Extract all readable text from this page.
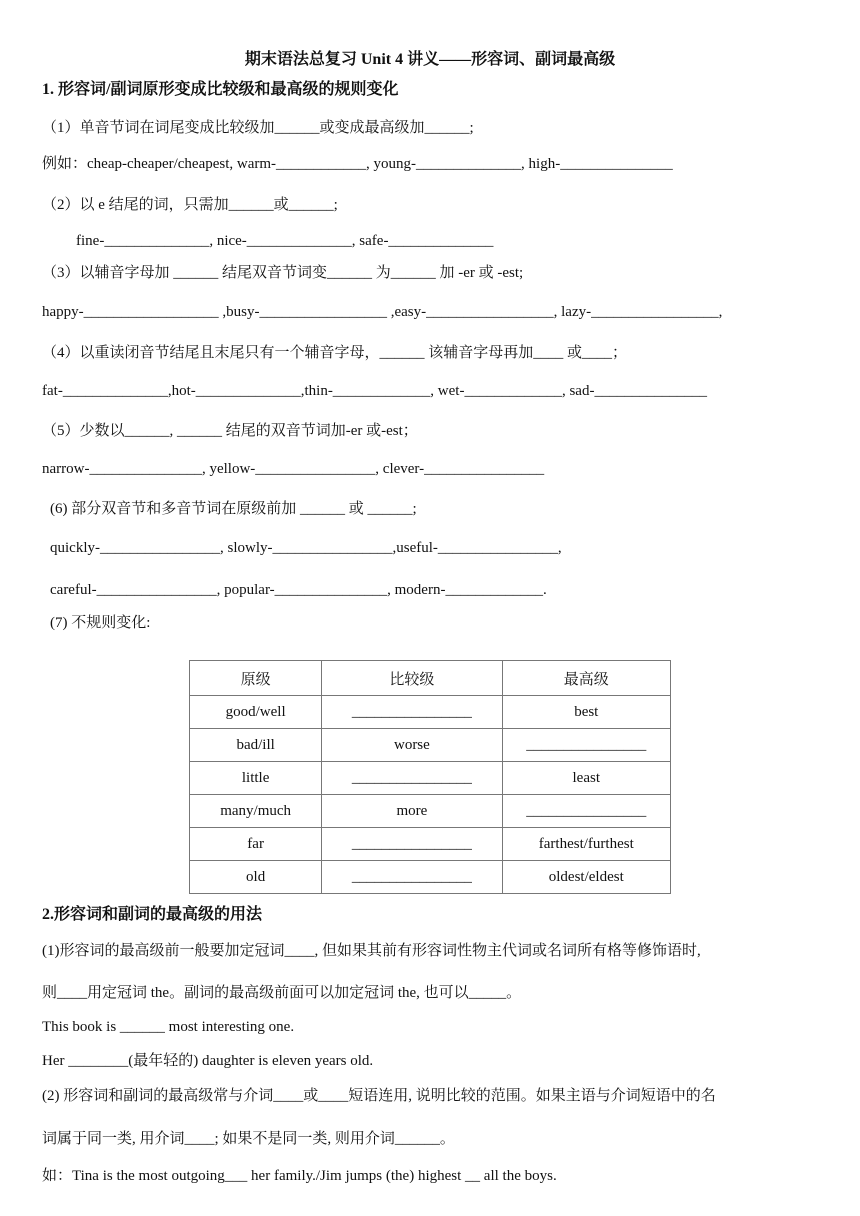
期末语法总复习 Unit 4 讲义——形容词、副词最高级
1. 形容词/副词原形变成比较级和最高级的规则变化
（1）单音节词在词尾变成比较级加______或变成最高级加______;
例如：cheap-cheaper/cheapest, warm-____________, young-______________, high-_______________
（2）以 e 结尾的词，只需加______或______;
fine-______________, nice-______________, safe-______________
（3）以辅音字母加 ______ 结尾双音节词变______ 为______ 加 -er 或 -est;
happy-__________________ ,busy-_________________ ,easy-_________________, lazy-_________________,
（4）以重读闭音节结尾且末尾只有一个辅音字母，______ 该辅音字母再加____ 或____；
fat-______________,hot-______________,thin-_____________, wet-_____________, sad-_______________
（5）少数以______, ______ 结尾的双音节词加-er 或-est；
narrow-_______________, yellow-________________, clever-________________
(6) 部分双音节和多音节词在原级前加 ______ 或 ______;
quickly-________________, slowly-________________,useful-________________,
careful-________________, popular-_______________, modern-_____________.
(7) 不规则变化:
原级	比较级	最高级
good/well	________________	best
bad/ill	worse	________________
little	________________	least
many/much	more	________________
far	________________	farthest/furthest
old	________________	oldest/eldest
2.形容词和副词的最高级的用法
(1)形容词的最高级前一般要加定冠词____, 但如果其前有形容词性物主代词或名词所有格等修饰语时,
则____用定冠词 the。副词的最高级前面可以加定冠词 the, 也可以_____。
This book is ______ most interesting one.
Her ________(最年轻的) daughter is eleven years old.
(2) 形容词和副词的最高级常与介词____或____短语连用, 说明比较的范围。如果主语与介词短语中的名
词属于同一类, 用介词____; 如果不是同一类, 则用介词______。
如：Tina is the most outgoing___ her family./Jim jumps (the) highest __ all the boys.
